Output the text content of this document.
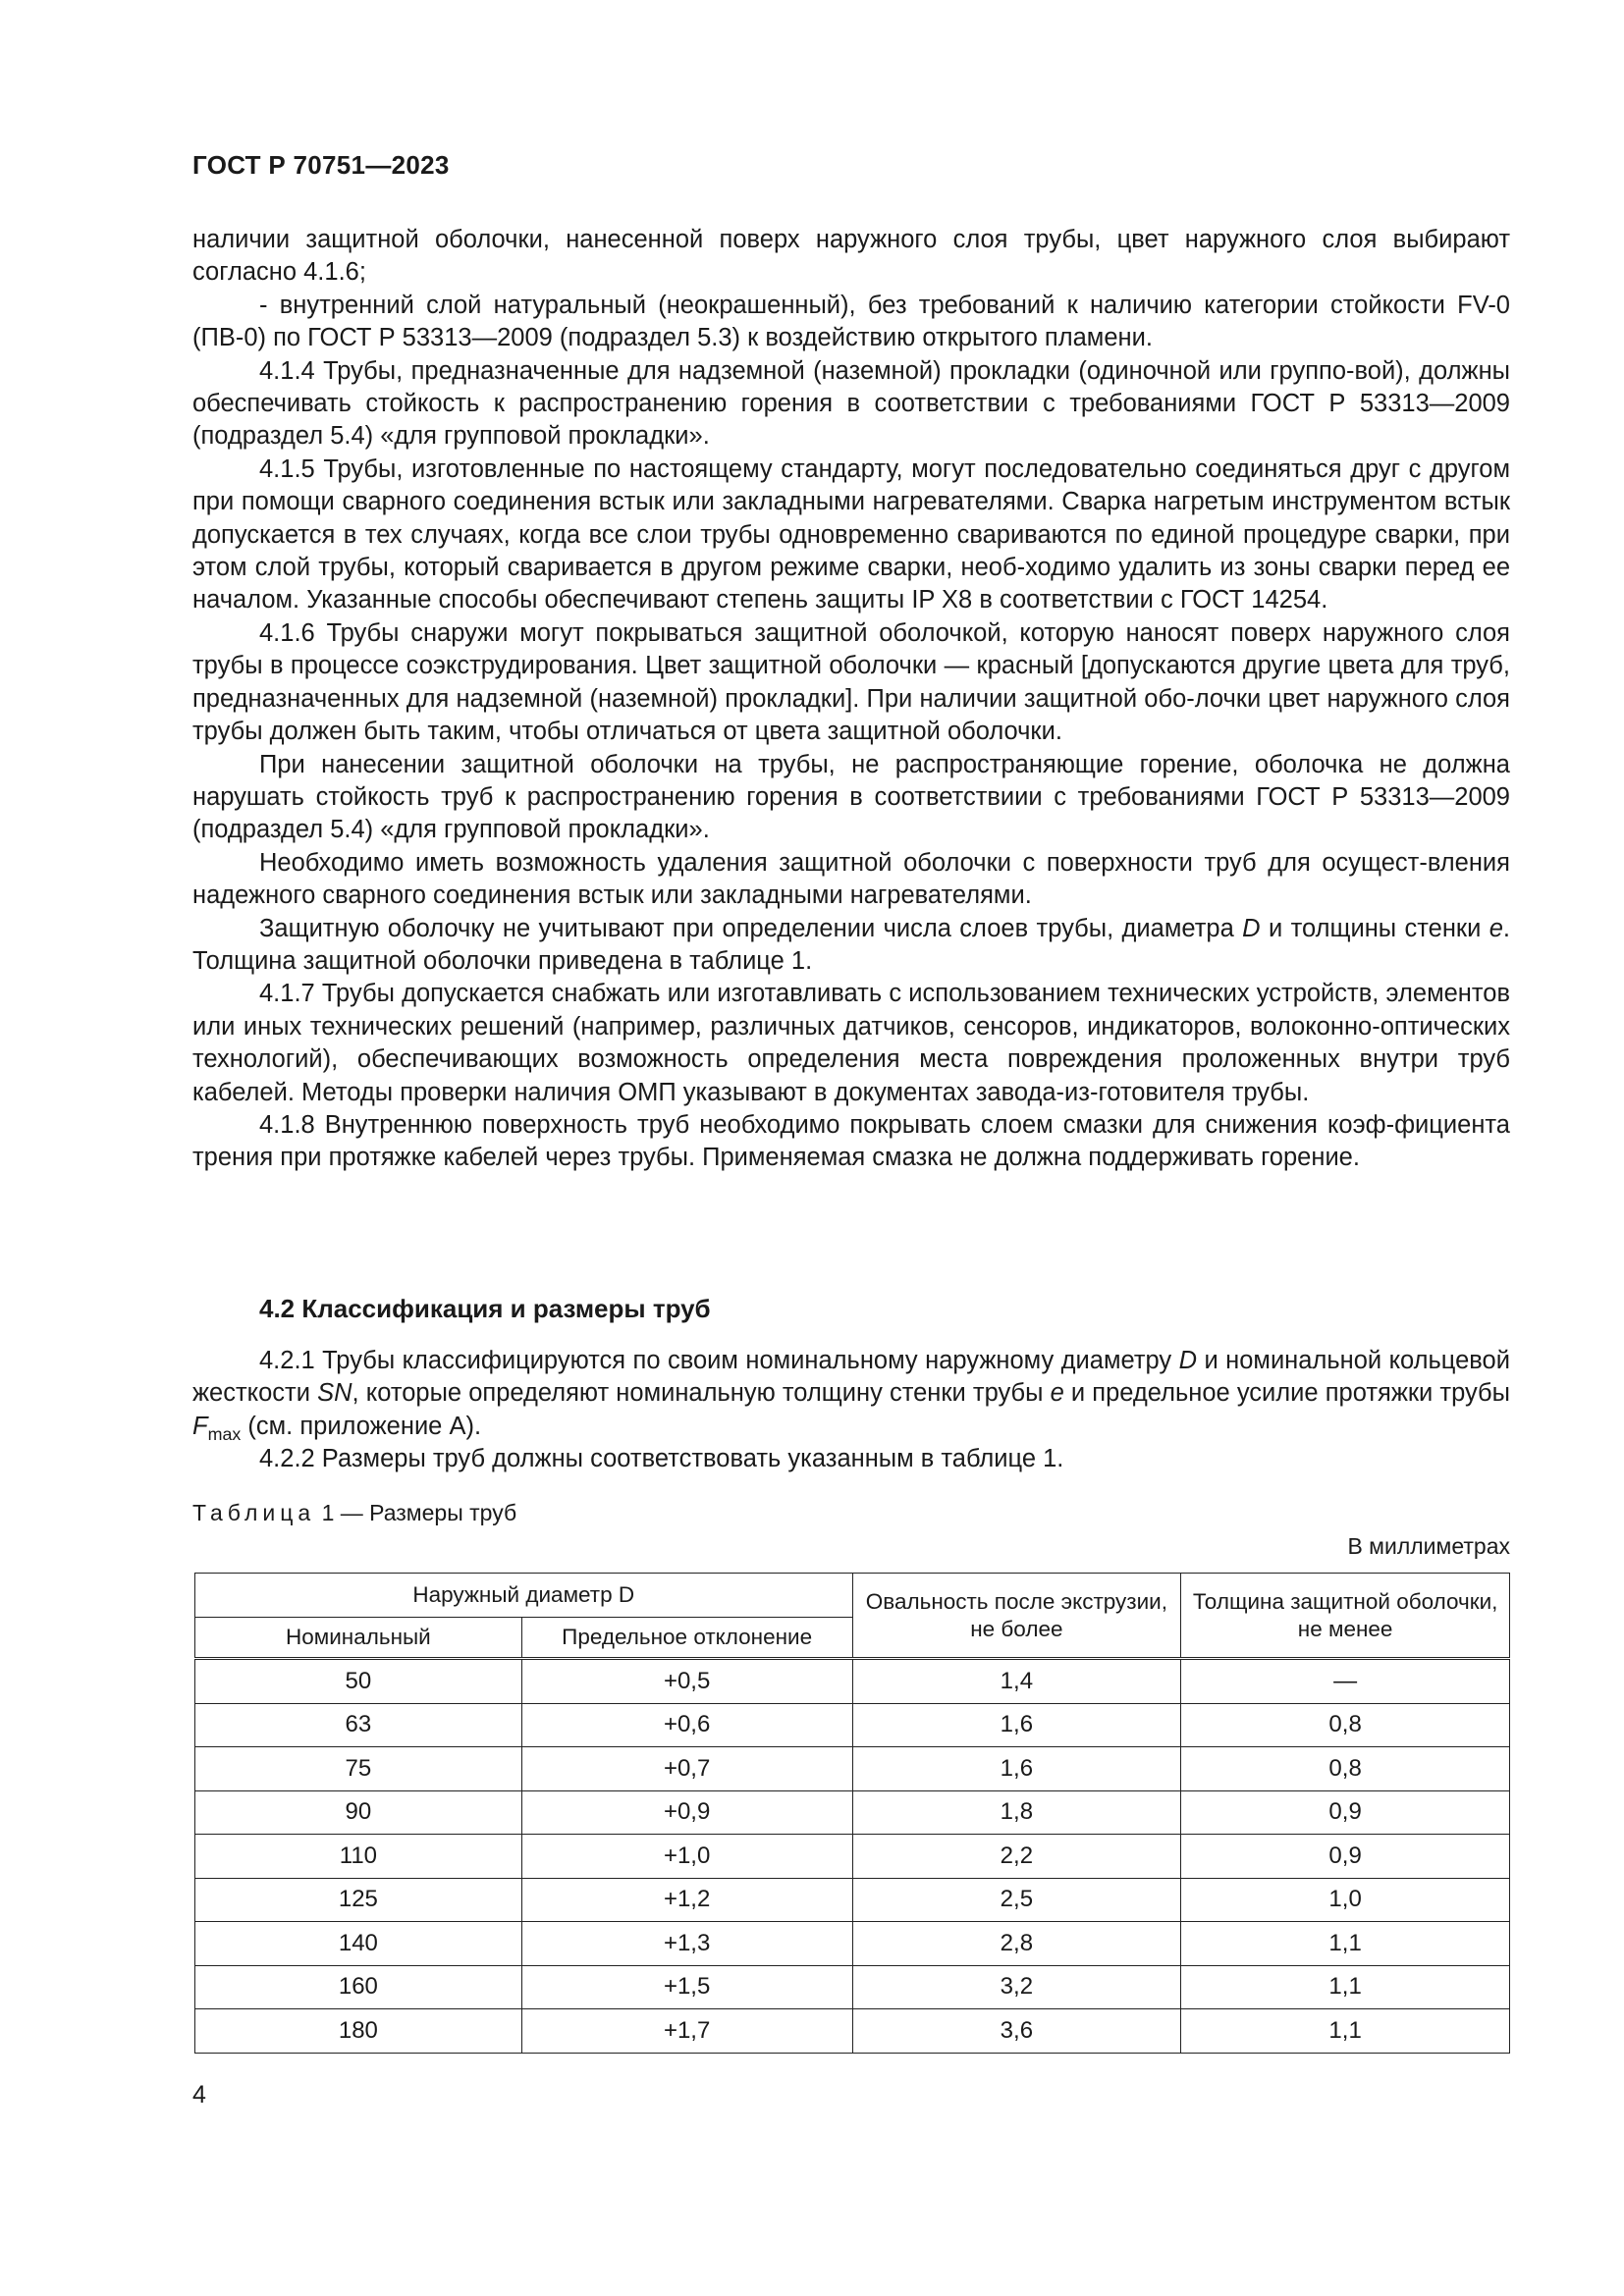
ГОСТ Р 70751—2023

наличии защитной оболочки, нанесенной поверх наружного слоя трубы, цвет наружного слоя выбирают согласно 4.1.6;

- внутренний слой натуральный (неокрашенный), без требований к наличию категории стойкости FV-0 (ПВ-0) по ГОСТ Р 53313—2009 (подраздел 5.3) к воздействию открытого пламени.

4.1.4 Трубы, предназначенные для надземной (наземной) прокладки (одиночной или группо-вой), должны обеспечивать стойкость к распространению горения в соответствии с требованиями ГОСТ Р 53313—2009 (подраздел 5.4) «для групповой прокладки».

4.1.5 Трубы, изготовленные по настоящему стандарту, могут последовательно соединяться друг с другом при помощи сварного соединения встык или закладными нагревателями. Сварка нагретым инструментом встык допускается в тех случаях, когда все слои трубы одновременно свариваются по единой процедуре сварки, при этом слой трубы, который сваривается в другом режиме сварки, необ-ходимо удалить из зоны сварки перед ее началом. Указанные способы обеспечивают степень защиты IP X8 в соответствии с ГОСТ 14254.

4.1.6 Трубы снаружи могут покрываться защитной оболочкой, которую наносят поверх наружного слоя трубы в процессе соэкструдирования. Цвет защитной оболочки — красный [допускаются другие цвета для труб, предназначенных для надземной (наземной) прокладки]. При наличии защитной обо-лочки цвет наружного слоя трубы должен быть таким, чтобы отличаться от цвета защитной оболочки.

При нанесении защитной оболочки на трубы, не распространяющие горение, оболочка не должна нарушать стойкость труб к распространению горения в соответствиии с требованиями ГОСТ Р 53313—2009 (подраздел 5.4) «для групповой прокладки».

Необходимо иметь возможность удаления защитной оболочки с поверхности труб для осущест-вления надежного сварного соединения встык или закладными нагревателями.

Защитную оболочку не учитывают при определении числа слоев трубы, диаметра D и толщины стенки e. Толщина защитной оболочки приведена в таблице 1.

4.1.7 Трубы допускается снабжать или изготавливать с использованием технических устройств, элементов или иных технических решений (например, различных датчиков, сенсоров, индикаторов, волоконно-оптических технологий), обеспечивающих возможность определения места повреждения проложенных внутри труб кабелей. Методы проверки наличия ОМП указывают в документах завода-из-готовителя трубы.

4.1.8 Внутреннюю поверхность труб необходимо покрывать слоем смазки для снижения коэф-фициента трения при протяжке кабелей через трубы. Применяемая смазка не должна поддерживать горение.

4.2 Классификация и размеры труб

4.2.1 Трубы классифицируются по своим номинальному наружному диаметру D и номинальной кольцевой жесткости SN, которые определяют номинальную толщину стенки трубы e и предельное усилие протяжки трубы $F_{max}$ (см. приложение А).

4.2.2 Размеры труб должны соответствовать указанным в таблице 1.

Таблица 1 — Размеры труб
В миллиметрах
Наружный диаметр D		Овальность после экструзии, не более	Толщина защитной оболочки, не менее
Номинальный	Предельное отклонение		
50	+0,5	1,4	—
63	+0,6	1,6	0,8
75	+0,7	1,6	0,8
90	+0,9	1,8	0,9
110	+1,0	2,2	0,9
125	+1,2	2,5	1,0
140	+1,3	2,8	1,1
160	+1,5	3,2	1,1
180	+1,7	3,6	1,1
4
